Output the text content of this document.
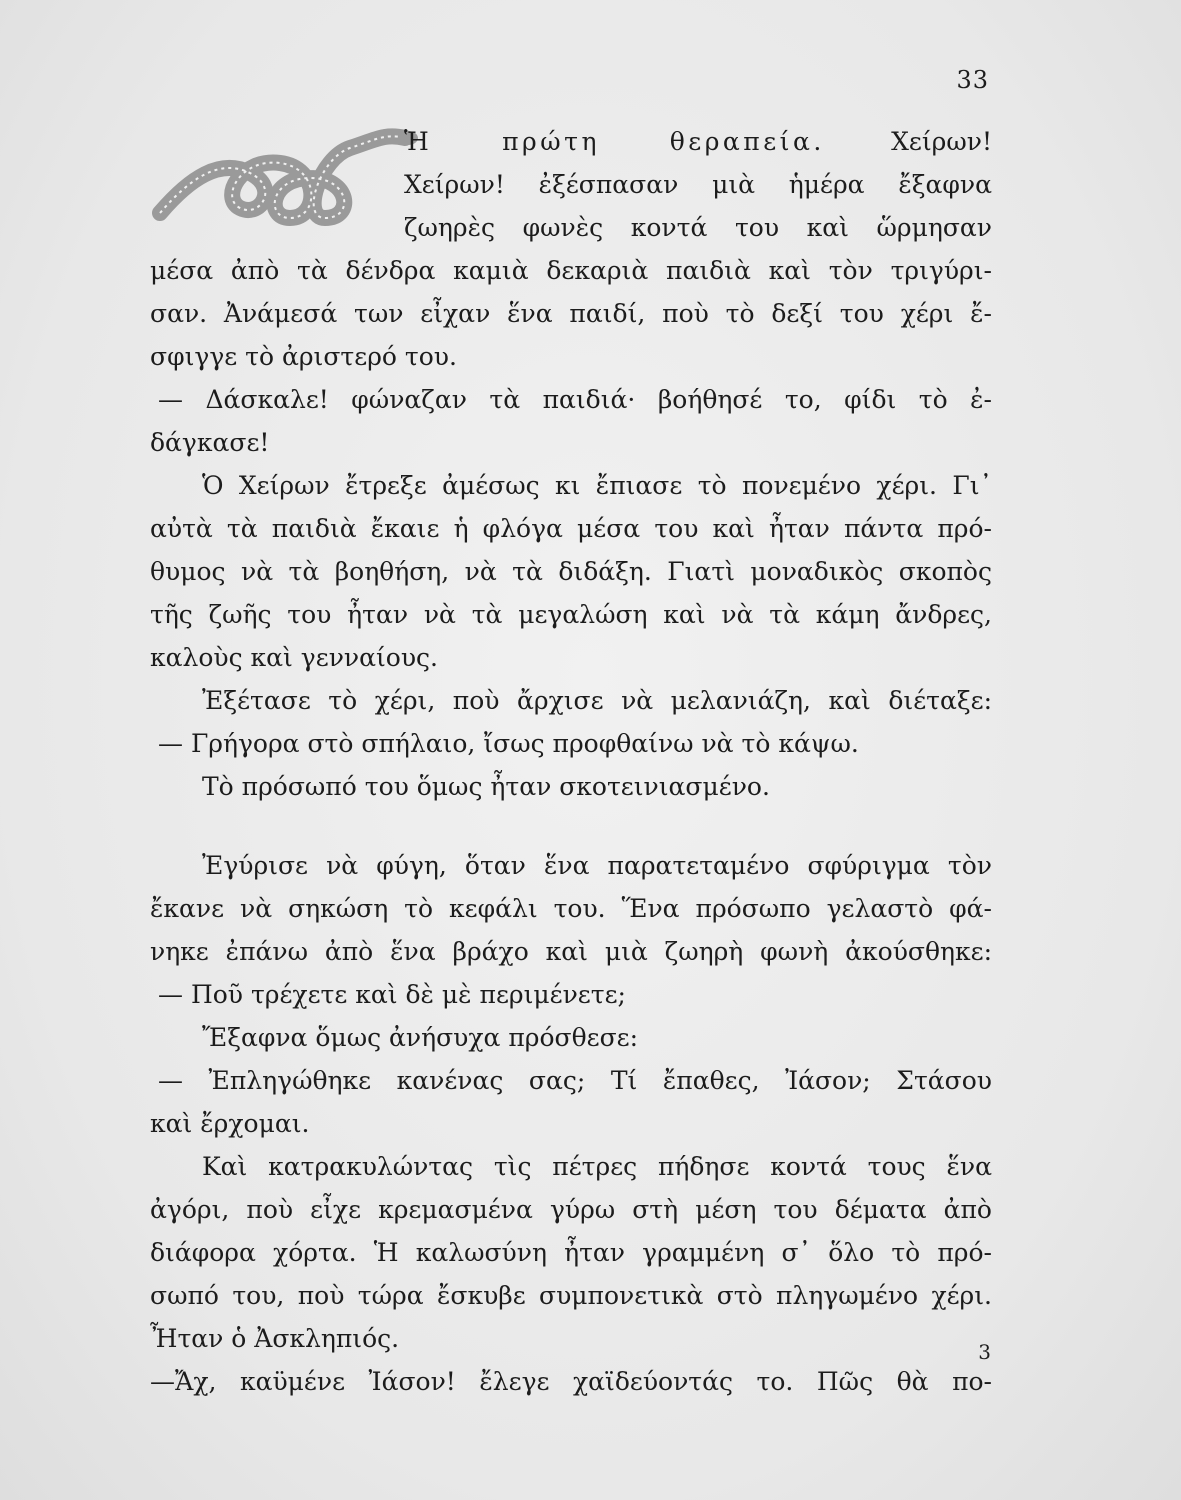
33
Ἡ πρώτη θεραπεία. Χείρων!
Χείρων! ἐξέσπασαν μιὰ ἡμέρα ἔξαφνα
ζωηρὲς φωνὲς κοντά του καὶ ὥρμησαν
μέσα ἀπὸ τὰ δένδρα καμιὰ δεκαριὰ παιδιὰ καὶ τὸν τριγύρι-
σαν. Ἀνάμεσά των εἶχαν ἕνα παιδί, ποὺ τὸ δεξί του χέρι ἔ-
σφιγγε τὸ ἀριστερό του.
— Δάσκαλε! φώναζαν τὰ παιδιά· βοήθησέ το, φίδι τὸ ἐ-
δάγκασε!
Ὁ Χείρων ἔτρεξε ἀμέσως κι ἔπιασε τὸ πονεμένο χέρι. Γι᾿
αὐτὰ τὰ παιδιὰ ἔκαιε ἡ φλόγα μέσα του καὶ ἦταν πάντα πρό-
θυμος νὰ τὰ βοηθήση, νὰ τὰ διδάξη. Γιατὶ μοναδικὸς σκοπὸς
τῆς ζωῆς του ἦταν νὰ τὰ μεγαλώση καὶ νὰ τὰ κάμη ἄνδρες,
καλοὺς καὶ γενναίους.
Ἐξέτασε τὸ χέρι, ποὺ ἄρχισε νὰ μελανιάζη, καὶ διέταξε:
— Γρήγορα στὸ σπήλαιο, ἴσως προφθαίνω νὰ τὸ κάψω.
Τὸ πρόσωπό του ὅμως ἦταν σκοτεινιασμένο.
Ἐγύρισε νὰ φύγη, ὅταν ἕνα παρατεταμένο σφύριγμα τὸν
ἔκανε νὰ σηκώση τὸ κεφάλι του. Ἕνα πρόσωπο γελαστὸ φά-
νηκε ἐπάνω ἀπὸ ἕνα βράχο καὶ μιὰ ζωηρὴ φωνὴ ἀκούσθηκε:
— Ποῦ τρέχετε καὶ δὲ μὲ περιμένετε;
Ἔξαφνα ὅμως ἀνήσυχα πρόσθεσε:
— Ἐπληγώθηκε κανένας σας; Τί ἔπαθες, Ἰάσον; Στάσου
καὶ ἔρχομαι.
Καὶ κατρακυλώντας τὶς πέτρες πήδησε κοντά τους ἕνα
ἀγόρι, ποὺ εἶχε κρεμασμένα γύρω στὴ μέση του δέματα ἀπὸ
διάφορα χόρτα. Ἡ καλωσύνη ἦταν γραμμένη σ᾿ ὅλο τὸ πρό-
σωπό του, ποὺ τώρα ἔσκυβε συμπονετικὰ στὸ πληγωμένο χέρι.
Ἦταν ὁ Ἀσκληπιός.
—Ἄχ, καϋμένε Ἰάσον! ἔλεγε χαϊδεύοντάς το. Πῶς θὰ πο-
3
